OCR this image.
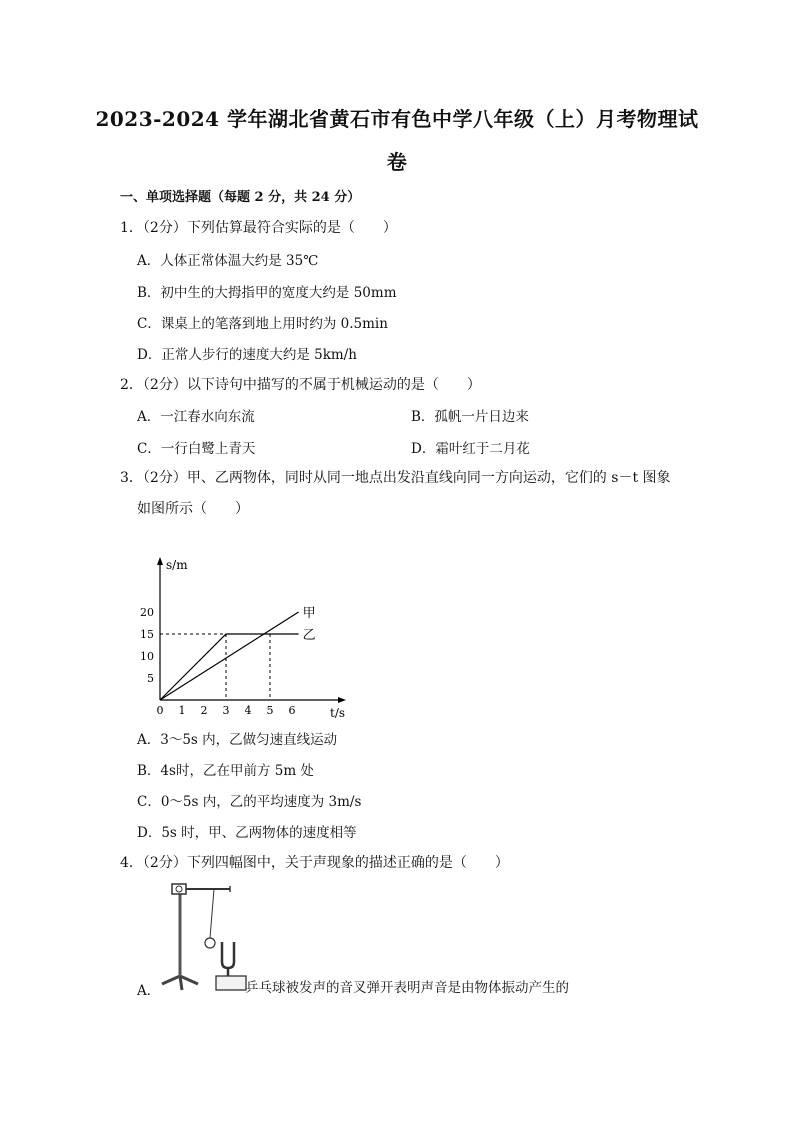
2023-2024 学年湖北省黄石市有色中学八年级（上）月考物理试
卷
一、单项选择题（每题 2 分，共 24 分）
1．（2分）下列估算最符合实际的是（　　）
A．人体正常体温大约是 35℃
B．初中生的大拇指甲的宽度大约是 50mm
C．课桌上的笔落到地上用时约为 0.5min
D．正常人步行的速度大约是 5km/h
2．（2分）以下诗句中描写的不属于机械运动的是（　　）
A．一江春水向东流	B．孤帆一片日边来
C．一行白鹭上青天	D．霜叶红于二月花
3．（2分）甲、乙两物体，同时从同一地点出发沿直线向同一方向运动，它们的 s－t 图象
如图所示（　　）
s/m
t/s
0 1 2 3 4 5 6
5
10
15
20	甲
乙
A．3～5s 内，乙做匀速直线运动
B．4s时，乙在甲前方 5m 处
C．0～5s 内，乙的平均速度为 3m/s
D．5s 时，甲、乙两物体的速度相等
4．（2分）下列四幅图中，关于声现象的描述正确的是（　　）
A．	乒乓球被发声的音叉弹开表明声音是由物体振动产生的
